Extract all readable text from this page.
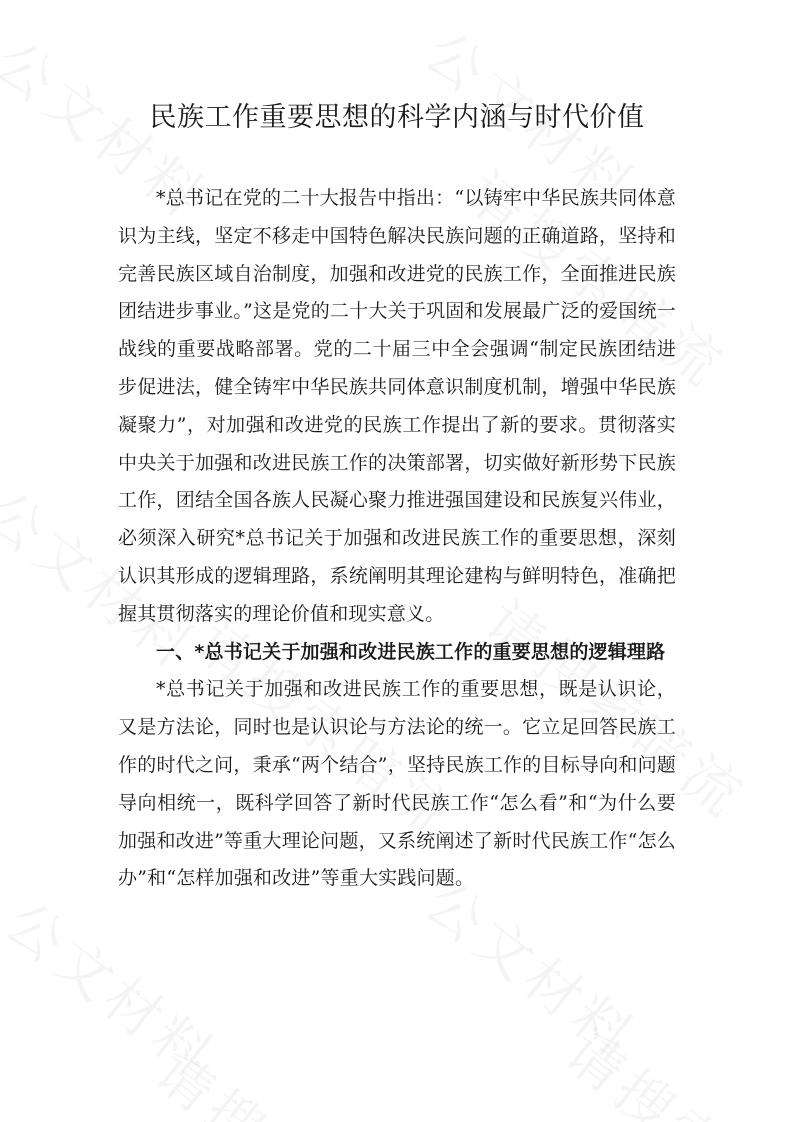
民族工作重要思想的科学内涵与时代价值

*总书记在党的二十大报告中指出：“以铸牢中华民族共同体意识为主线，坚定不移走中国特色解决民族问题的正确道路，坚持和完善民族区域自治制度，加强和改进党的民族工作，全面推进民族团结进步事业。”这是党的二十大关于巩固和发展最广泛的爱国统一战线的重要战略部署。党的二十届三中全会强调“制定民族团结进步促进法，健全铸牢中华民族共同体意识制度机制，增强中华民族凝聚力”，对加强和改进党的民族工作提出了新的要求。贯彻落实中央关于加强和改进民族工作的决策部署，切实做好新形势下民族工作，团结全国各族人民凝心聚力推进强国建设和民族复兴伟业，必须深入研究*总书记关于加强和改进民族工作的重要思想，深刻认识其形成的逻辑理路，系统阐明其理论建构与鲜明特色，准确把握其贯彻落实的理论价值和现实意义。

一、*总书记关于加强和改进民族工作的重要思想的逻辑理路

*总书记关于加强和改进民族工作的重要思想，既是认识论，又是方法论，同时也是认识论与方法论的统一。它立足回答民族工作的时代之问，秉承“两个结合”，坚持民族工作的目标导向和问题导向相统一，既科学回答了新时代民族工作“怎么看”和“为什么要加强和改进”等重大理论问题，又系统阐述了新时代民族工作“怎么办”和“怎样加强和改进”等重大实践问题。
